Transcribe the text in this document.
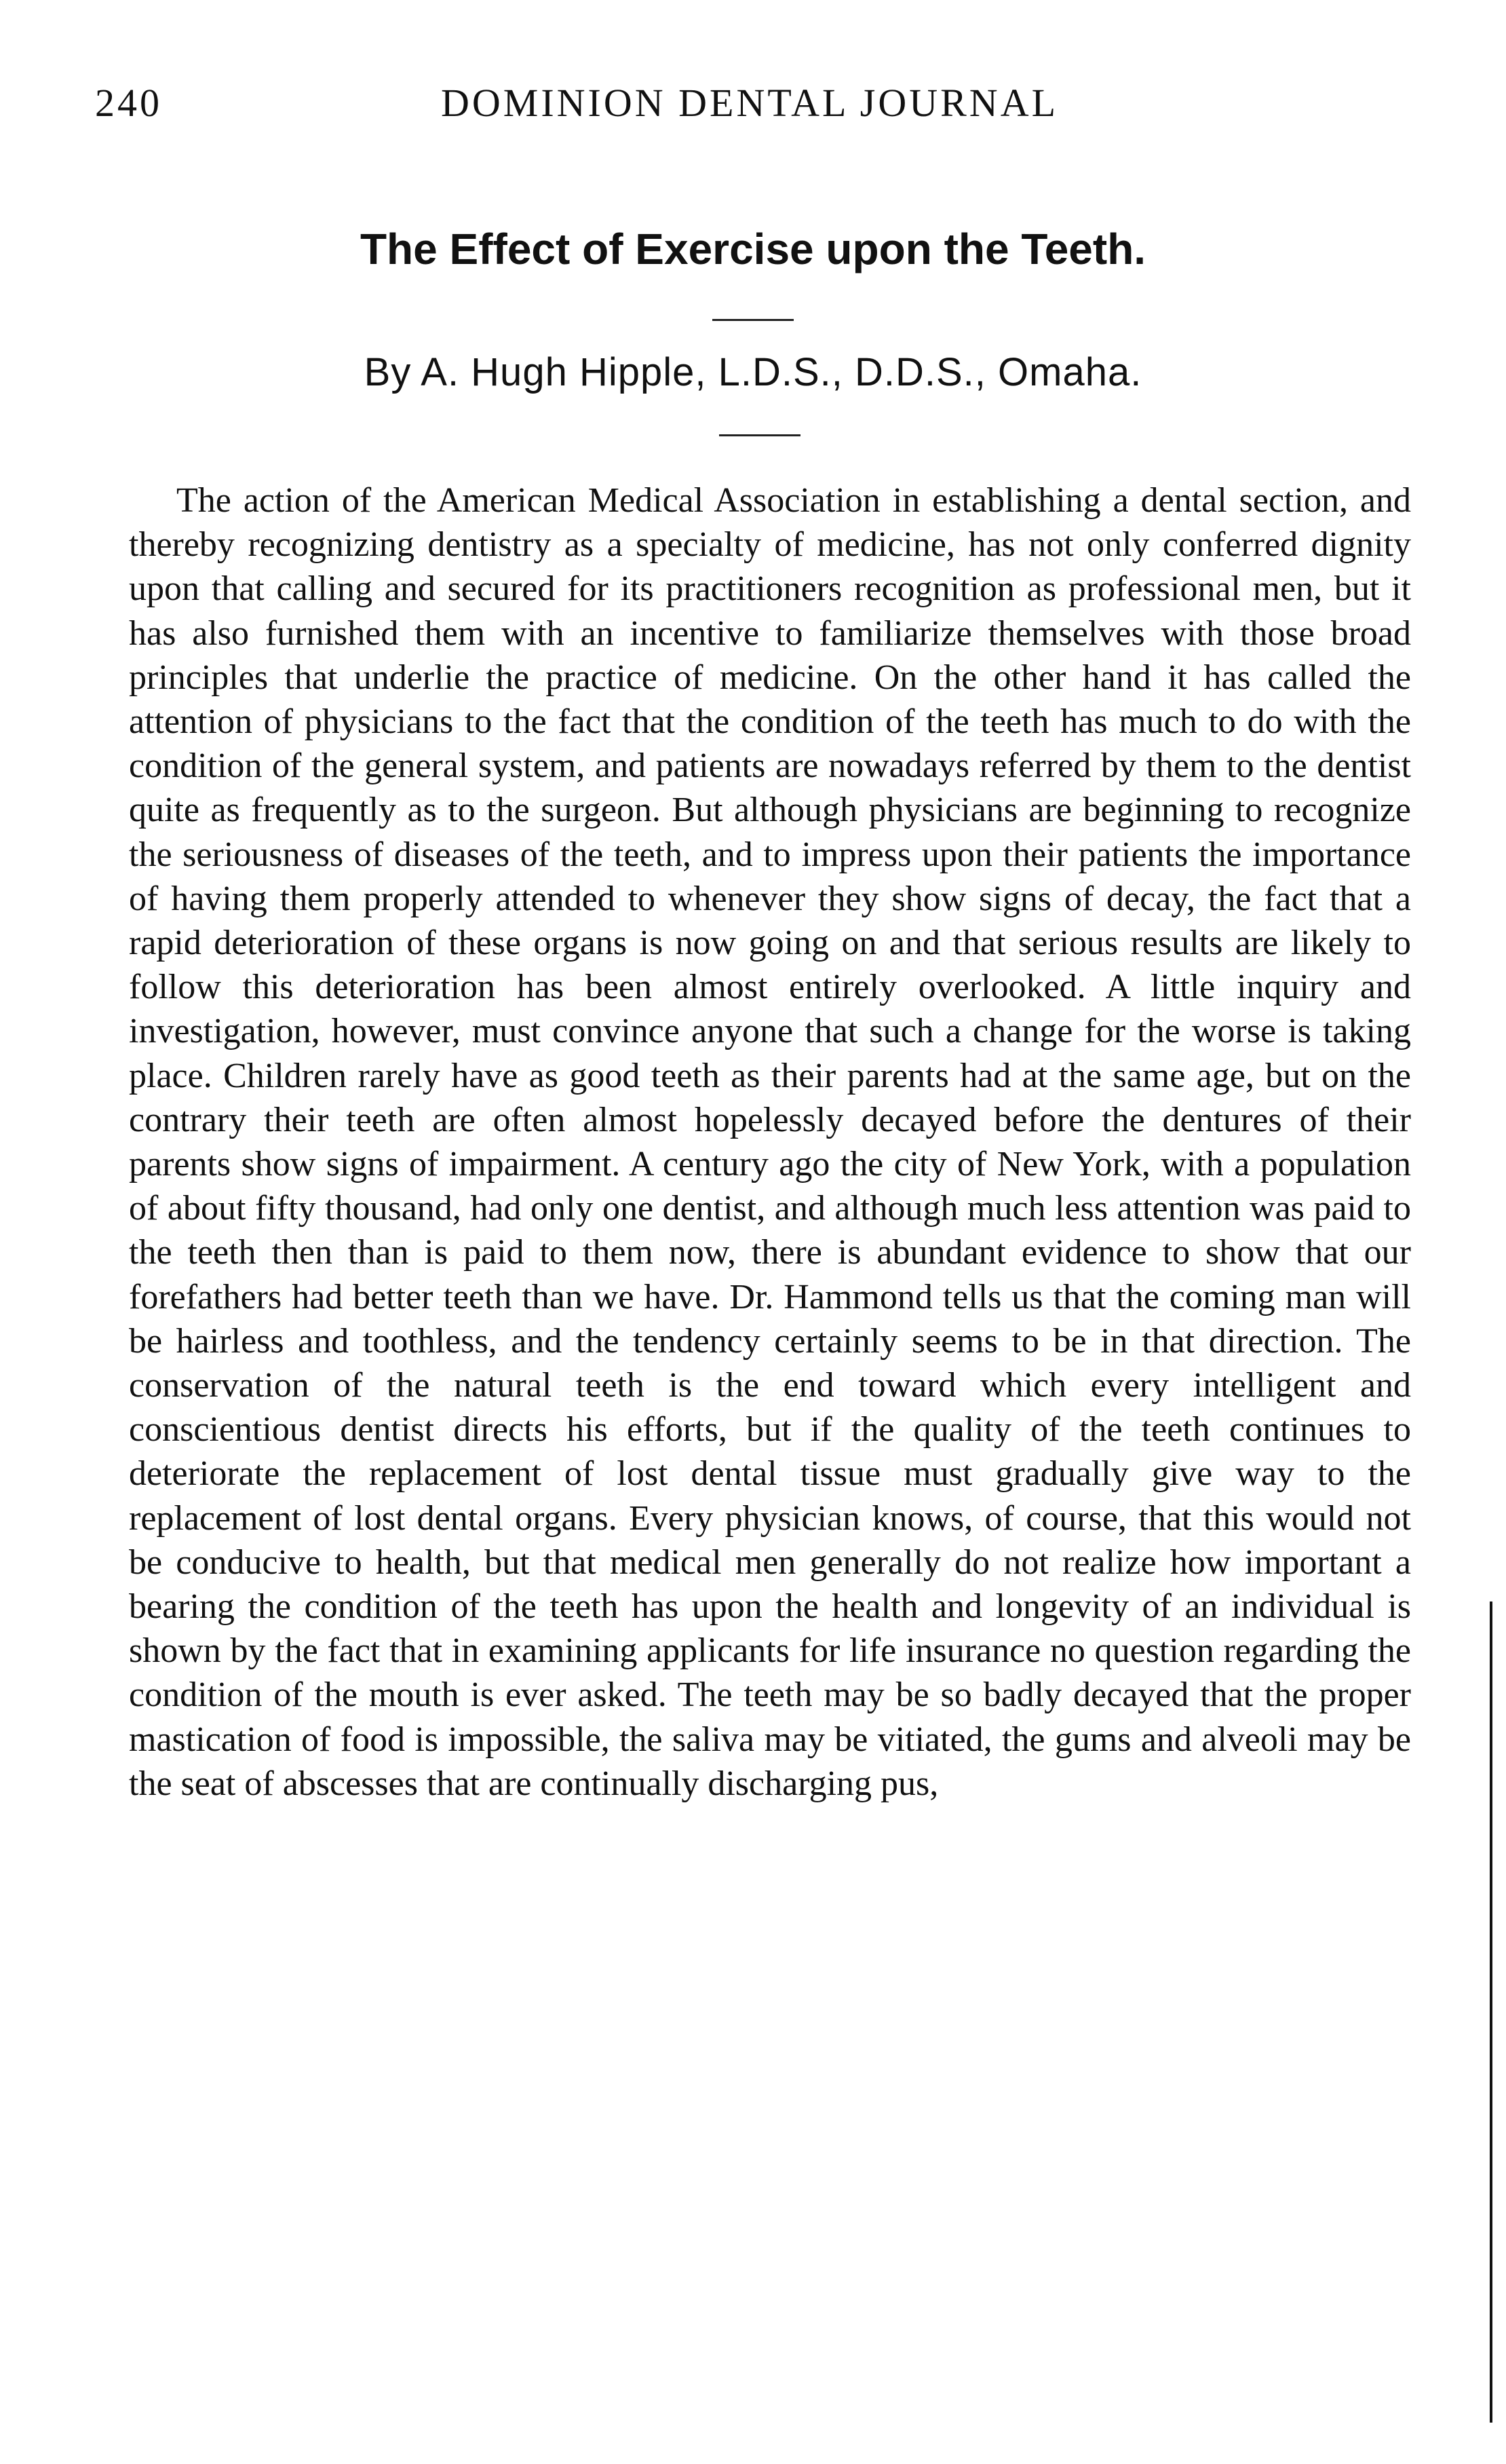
240	DOMINION DENTAL JOURNAL
The Effect of Exercise upon the Teeth.
By A. Hugh Hipple, L.D.S., D.D.S., Omaha.

The action of the American Medical Association in establishing a dental section, and thereby recognizing dentistry as a specialty of medicine, has not only conferred dignity upon that calling and secured for its practitioners recognition as professional men, but it has also furnished them with an incentive to familiarize themselves with those broad principles that underlie the practice of medicine. On the other hand it has called the attention of physicians to the fact that the condition of the teeth has much to do with the condition of the general system, and patients are nowadays referred by them to the dentist quite as frequently as to the surgeon. But although physicians are beginning to recognize the seriousness of diseases of the teeth, and to impress upon their patients the importance of having them properly attended to whenever they show signs of decay, the fact that a rapid deterioration of these organs is now going on and that serious results are likely to follow this deterioration has been almost entirely overlooked. A little inquiry and investigation, however, must convince anyone that such a change for the worse is taking place. Children rarely have as good teeth as their parents had at the same age, but on the contrary their teeth are often almost hopelessly decayed before the dentures of their parents show signs of impairment. A century ago the city of New York, with a population of about fifty thousand, had only one dentist, and although much less attention was paid to the teeth then than is paid to them now, there is abundant evidence to show that our forefathers had better teeth than we have. Dr. Hammond tells us that the coming man will be hairless and toothless, and the tendency certainly seems to be in that direction. The conservation of the natural teeth is the end toward which every intelligent and conscientious dentist directs his efforts, but if the quality of the teeth continues to deteriorate the replacement of lost dental tissue must gradually give way to the replacement of lost dental organs. Every physician knows, of course, that this would not be conducive to health, but that medical men generally do not realize how important a bearing the condition of the teeth has upon the health and longevity of an individual is shown by the fact that in examining applicants for life insurance no question regarding the condition of the mouth is ever asked. The teeth may be so badly decayed that the proper mastication of food is impossible, the saliva may be vitiated, the gums and alveoli may be the seat of abscesses that are continually discharging pus,
